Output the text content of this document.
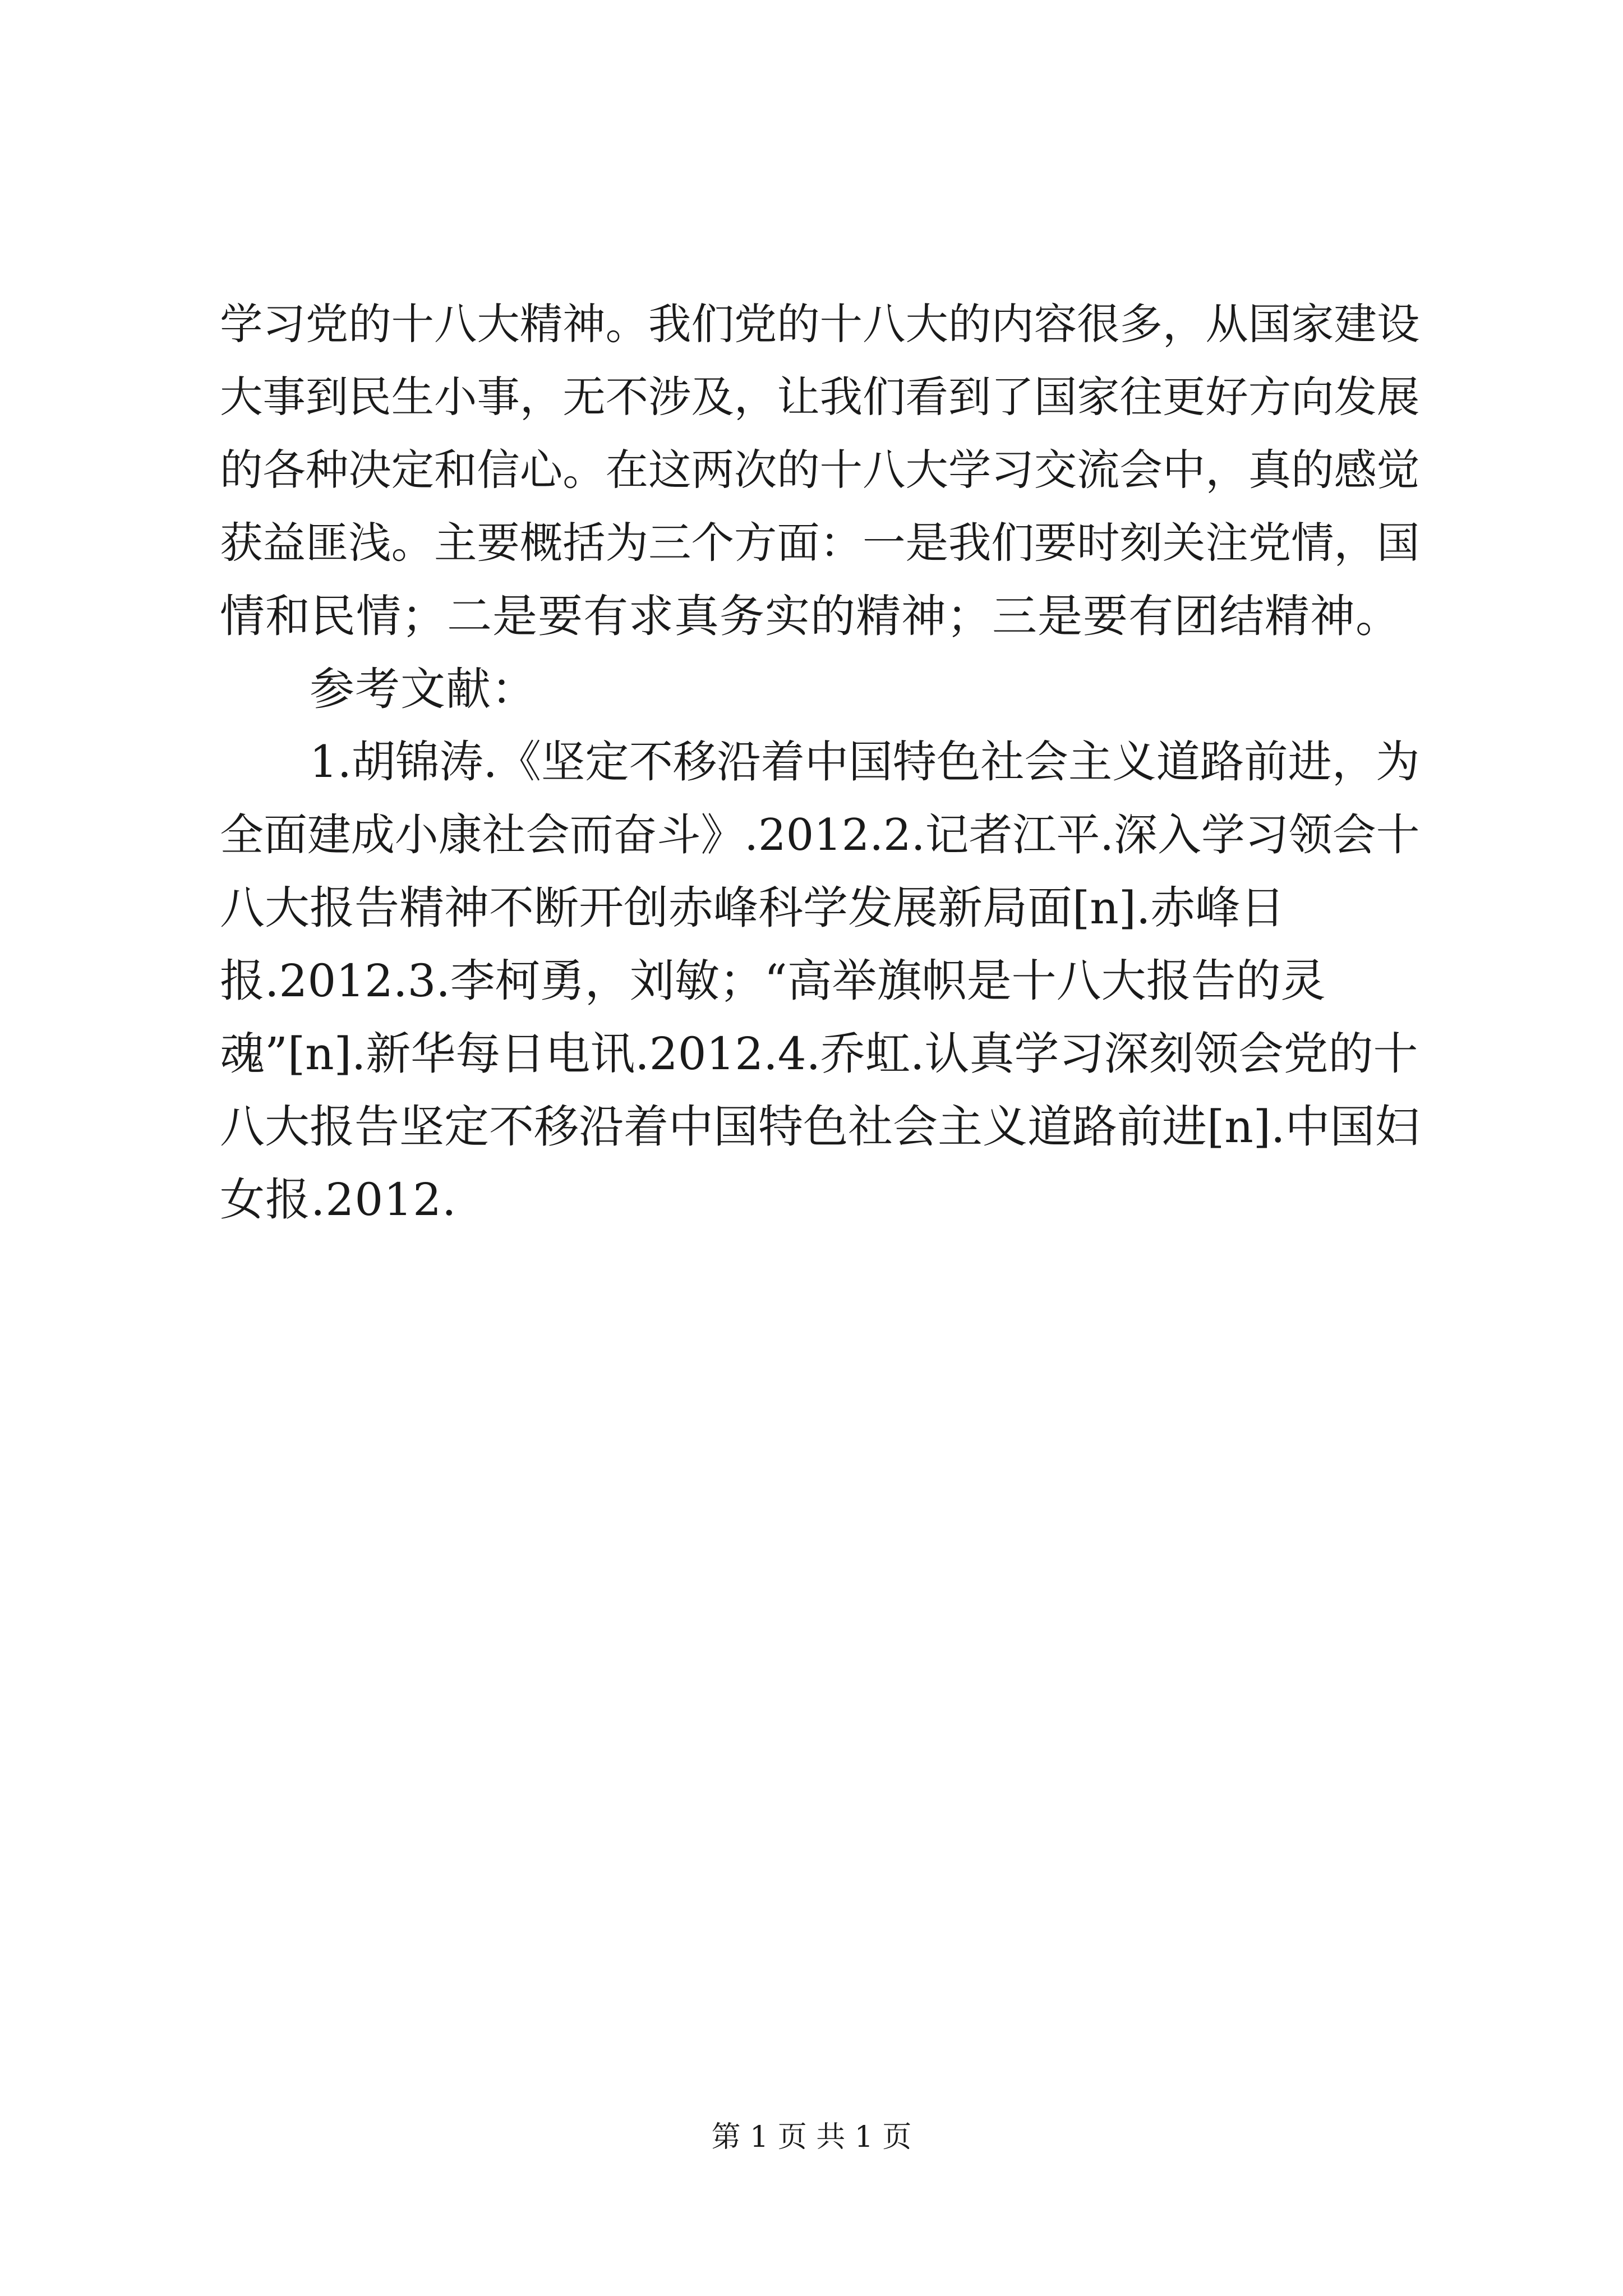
学习党的十八大精神。我们党的十八大的内容很多，从国家建设
大事到民生小事，无不涉及，让我们看到了国家往更好方向发展
的各种决定和信心。在这两次的十八大学习交流会中，真的感觉
获益匪浅。主要概括为三个方面：一是我们要时刻关注党情，国
情和民情；二是要有求真务实的精神；三是要有团结精神。
参考文献：
1.胡锦涛.《坚定不移沿着中国特色社会主义道路前进，为
全面建成小康社会而奋斗》.2012.2.记者江平.深入学习领会十
八大报告精神不断开创赤峰科学发展新局面[n].赤峰日
报.2012.3.李柯勇，刘敏；“高举旗帜是十八大报告的灵
魂”[n].新华每日电讯.2012.4.乔虹.认真学习深刻领会党的十
八大报告坚定不移沿着中国特色社会主义道路前进[n].中国妇
女报.2012.
第 1 页 共 1 页
